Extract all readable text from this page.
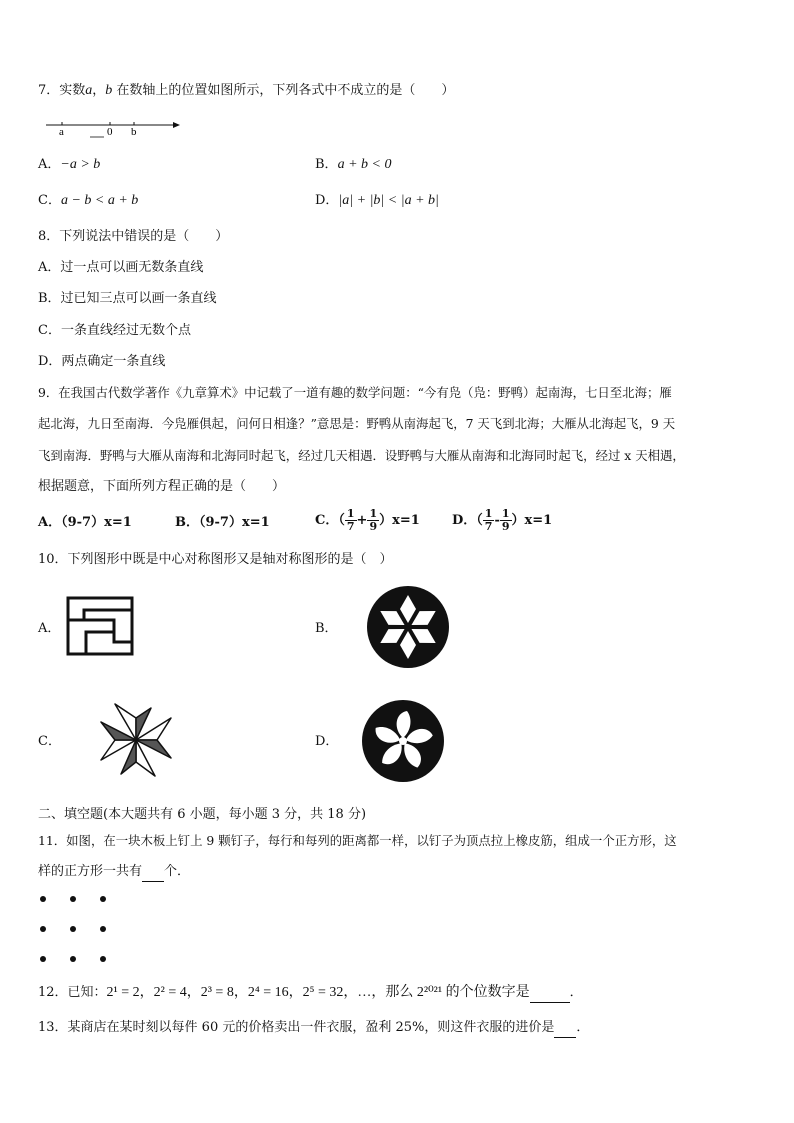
7．实数a，b 在数轴上的位置如图所示，下列各式中不成立的是（　　）
a	0 b
A．−a > b	B．a + b < 0
C．a − b < a + b	D．|a| + |b| < |a + b|
8．下列说法中错误的是（　　）
A．过一点可以画无数条直线
B．过已知三点可以画一条直线
C．一条直线经过无数个点
D．两点确定一条直线
9．在我国古代数学著作《九章算术》中记载了一道有趣的数学问题：“今有凫（凫：野鸭）起南海，七日至北海；雁
起北海，九日至南海．今凫雁俱起，问何日相逢？”意思是：野鸭从南海起飞，7 天飞到北海；大雁从北海起飞，9 天
飞到南海．野鸭与大雁从南海和北海同时起飞，经过几天相遇．设野鸭与大雁从南海和北海同时起飞，经过 x 天相遇，
根据题意，下面所列方程正确的是（　　）
A．（9-7）x=1	B．（9-7）x=1	C．（ $\frac{1}{7} + \frac{1}{9} )x=1$ D．（ $\frac{1}{7} - \frac{1}{9} )x=1$
10．下列图形中既是中心对称图形又是轴对称图形的是（　）
A．	B．
C．	D．
二、填空题(本大题共有 6 小题，每小题 3 分，共 18 分)
11．如图，在一块木板上钉上 9 颗钉子，每行和每列的距离都一样，以钉子为顶点拉上橡皮筋，组成一个正方形，这
样的正方形一共有 个．
12．已知：2¹ = 2，2² = 4，2³ = 8，2⁴ = 16，2⁵ = 32，…，那么 2²⁰²¹ 的个位数字是	．
13．某商店在某时刻以每件 60 元的价格卖出一件衣服，盈利 25%，则这件衣服的进价是 ．
